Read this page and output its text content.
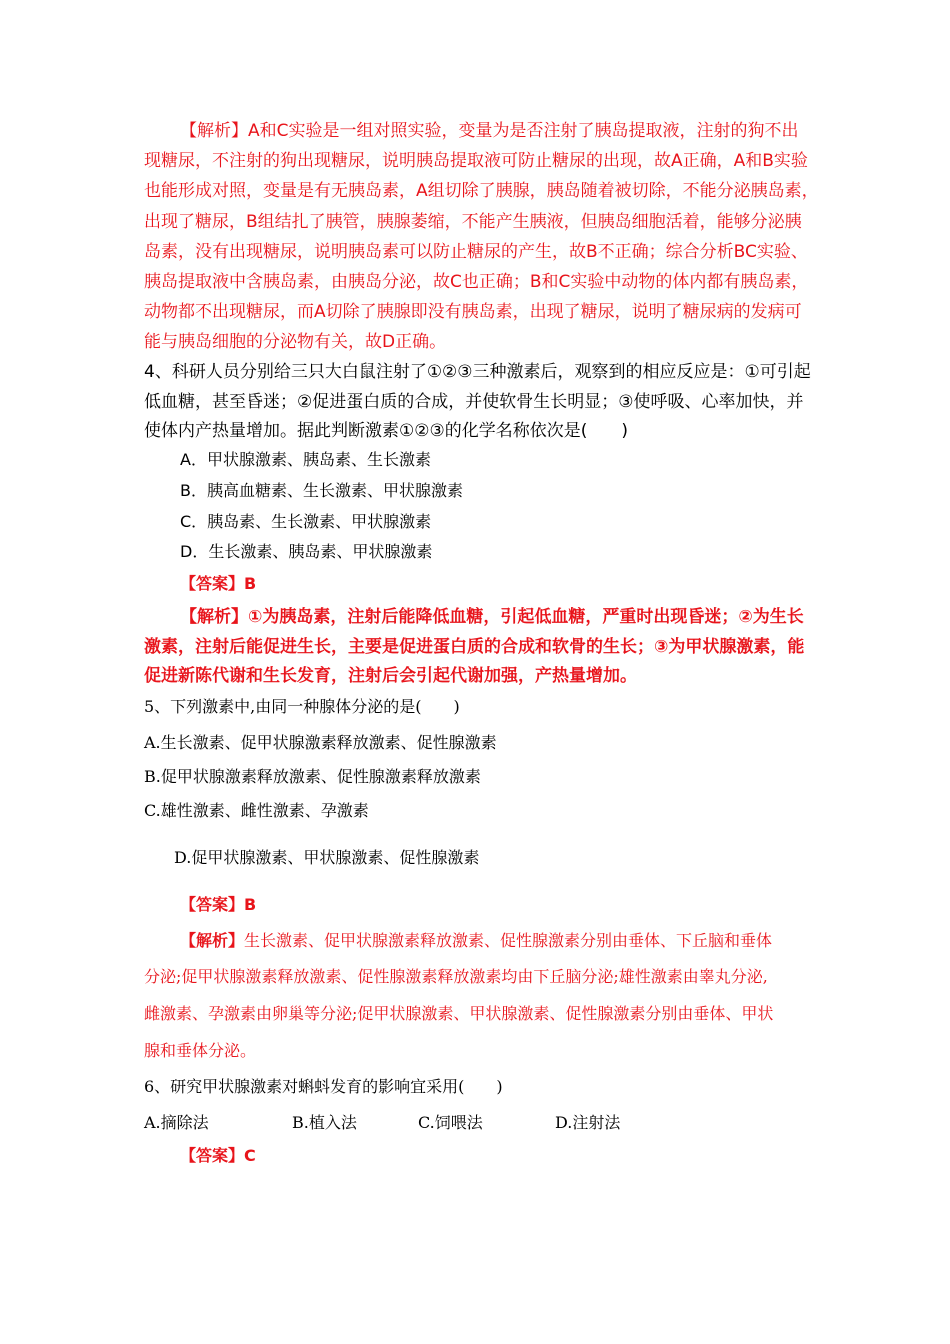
【解析】A和C实验是一组对照实验，变量为是否注射了胰岛提取液，注射的狗不出
现糖尿，不注射的狗出现糖尿，说明胰岛提取液可防止糖尿的出现，故A正确，A和B实验
也能形成对照，变量是有无胰岛素，A组切除了胰腺，胰岛随着被切除，不能分泌胰岛素，
出现了糖尿，B组结扎了胰管，胰腺萎缩，不能产生胰液，但胰岛细胞活着，能够分泌胰
岛素，没有出现糖尿，说明胰岛素可以防止糖尿的产生，故B不正确；综合分析BC实验、
胰岛提取液中含胰岛素，由胰岛分泌，故C也正确；B和C实验中动物的体内都有胰岛素，
动物都不出现糖尿，而A切除了胰腺即没有胰岛素，出现了糖尿，说明了糖尿病的发病可
能与胰岛细胞的分泌物有关，故D正确。
4、科研人员分别给三只大白鼠注射了①②③三种激素后，观察到的相应反应是：①可引起
低血糖，甚至昏迷；②促进蛋白质的合成，并使软骨生长明显；③使呼吸、心率加快，并
使体内产热量增加。据此判断激素①②③的化学名称依次是(　　)
A．甲状腺激素、胰岛素、生长激素
B．胰高血糖素、生长激素、甲状腺激素
C．胰岛素、生长激素、甲状腺激素
D．生长激素、胰岛素、甲状腺激素
【答案】B
【解析】①为胰岛素，注射后能降低血糖，引起低血糖，严重时出现昏迷；②为生长
激素，注射后能促进生长，主要是促进蛋白质的合成和软骨的生长；③为甲状腺激素，能
促进新陈代谢和生长发育，注射后会引起代谢加强，产热量增加。
5、下列激素中,由同一种腺体分泌的是(　　)
A.生长激素、促甲状腺激素释放激素、促性腺激素
B.促甲状腺激素释放激素、促性腺激素释放激素
C.雄性激素、雌性激素、孕激素
D.促甲状腺激素、甲状腺激素、促性腺激素
【答案】B
【解析】生长激素、促甲状腺激素释放激素、促性腺激素分别由垂体、下丘脑和垂体
分泌;促甲状腺激素释放激素、促性腺激素释放激素均由下丘脑分泌;雄性激素由睾丸分泌,
雌激素、孕激素由卵巢等分泌;促甲状腺激素、甲状腺激素、促性腺激素分别由垂体、甲状
腺和垂体分泌。
6、研究甲状腺激素对蝌蚪发育的影响宜采用(　　)
A.摘除法	B.植入法	C.饲喂法	D.注射法
【答案】C
